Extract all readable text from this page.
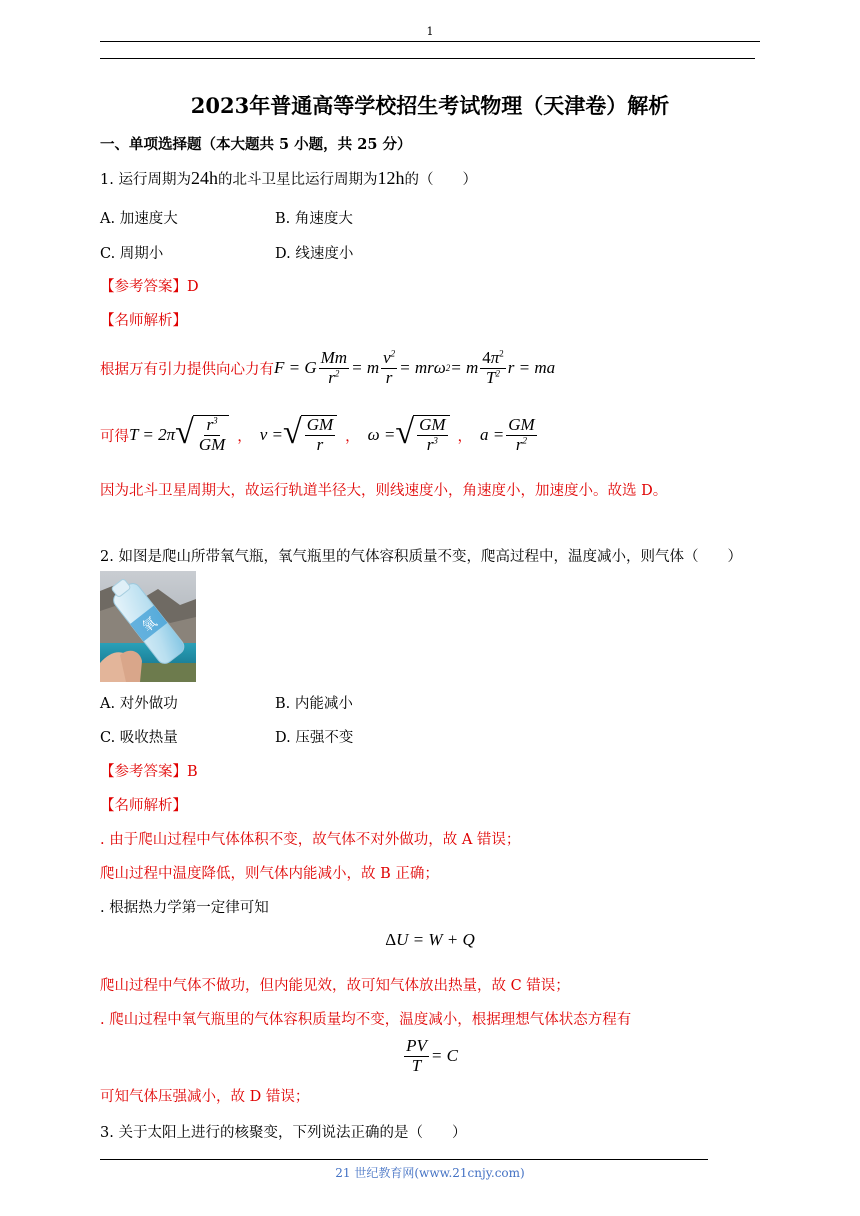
1
2023年普通高等学校招生考试物理（天津卷）解析
一、单项选择题（本大题共 5 小题，共 25 分）
1. 运行周期为24h的北斗卫星比运行周期为12h的（　　）
A. 加速度大	B. 角速度大
C. 周期小	D. 线速度小
【参考答案】D
【名师解析】
根据万有引力提供向心力有 F = G $\frac{Mm}{r^2} = m \frac{v^2}{r} = mr\omega$ 2 = m $\frac{4\pi^2}{T^2}$ r = ma
可得 T = 2π √ $\frac{r^3}{GM}$ ， v = √ $\frac{GM}{r}$ ， ω = √ $\frac{GM}{r^3}$ ， $a = \frac{GM}{r^2}$
因为北斗卫星周期大，故运行轨道半径大，则线速度小，角速度小，加速度小。故选 D。
2. 如图是爬山所带氧气瓶，氧气瓶里的气体容积质量不变，爬高过程中，温度减小，则气体（　　）
氧
A. 对外做功	B. 内能减小
C. 吸收热量	D. 压强不变
【参考答案】B
【名师解析】
. 由于爬山过程中气体体积不变，故气体不对外做功，故 A 错误；
爬山过程中温度降低，则气体内能减小，故 B 正确；
. 根据热力学第一定律可知
ΔU = W + Q
爬山过程中气体不做功，但内能见效，故可知气体放出热量，故 C 错误；
. 爬山过程中氧气瓶里的气体容积质量均不变，温度减小，根据理想气体状态方程有
$\frac{PV}{T} = C$
可知气体压强减小，故 D 错误；
3. 关于太阳上进行的核聚变，下列说法正确的是（　　）
21 世纪教育网(www.21cnjy.com)
